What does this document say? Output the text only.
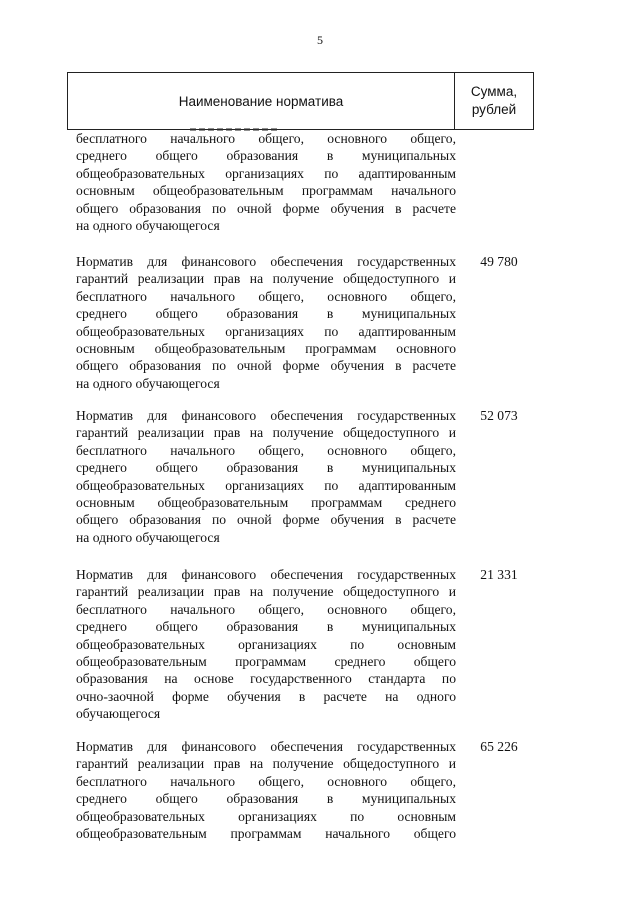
5
Наименование норматива
Сумма,
рублей
бесплатного начального общего, основного общего,
среднего общего образования в муниципальных
общеобразовательных организациях по адаптированным
основным общеобразовательным программам начального
общего образования по очной форме обучения в расчете
на одного обучающегося
Норматив для финансового обеспечения государственных
гарантий реализации прав на получение общедоступного и
бесплатного начального общего, основного общего,
среднего общего образования в муниципальных
общеобразовательных организациях по адаптированным
основным общеобразовательным программам основного
общего образования по очной форме обучения в расчете
на одного обучающегося
49 780
Норматив для финансового обеспечения государственных
гарантий реализации прав на получение общедоступного и
бесплатного начального общего, основного общего,
среднего общего образования в муниципальных
общеобразовательных организациях по адаптированным
основным общеобразовательным программам среднего
общего образования по очной форме обучения в расчете
на одного обучающегося
52 073
Норматив для финансового обеспечения государственных
гарантий реализации прав на получение общедоступного и
бесплатного начального общего, основного общего,
среднего общего образования в муниципальных
общеобразовательных организациях по основным
общеобразовательным программам среднего общего
образования на основе государственного стандарта по
очно-заочной форме обучения в расчете на одного
обучающегося
21 331
Норматив для финансового обеспечения государственных
гарантий реализации прав на получение общедоступного и
бесплатного начального общего, основного общего,
среднего общего образования в муниципальных
общеобразовательных организациях по основным
общеобразовательным программам начального общего
65 226
